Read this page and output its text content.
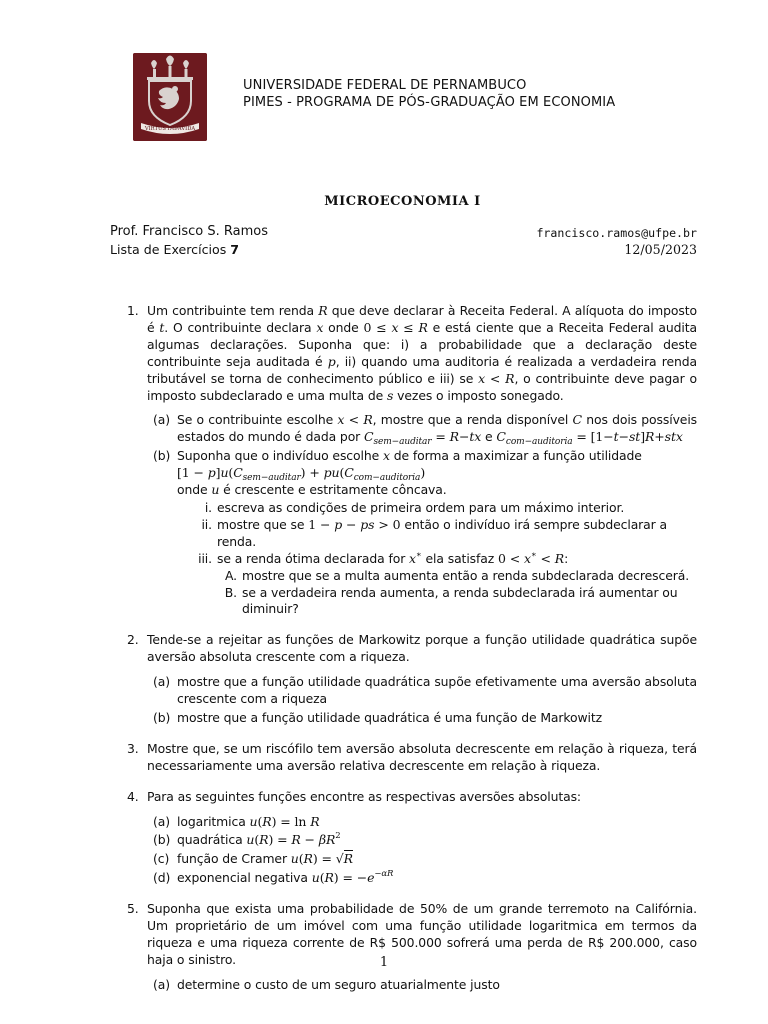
VIRTUS IMPAVIDA
UNIVERSIDADE FEDERAL DE PERNAMBUCO
PIMES - PROGRAMA DE PÓS-GRADUAÇÃO EM ECONOMIA
MICROECONOMIA I
Prof. Francisco S. Ramos	francisco.ramos@ufpe.br
Lista de Exercícios 7	12/05/2023
1. Um contribuinte tem renda R que deve declarar à Receita Federal. A alíquota do imposto é t. O contribuinte declara x onde 0 ≤ x ≤ R e está ciente que a Receita Federal audita algumas declarações. Suponha que: i) a probabilidade que a declaração deste contribuinte seja auditada é p, ii) quando uma auditoria é realizada a verdadeira renda tributável se torna de conhecimento público e iii) se x < R, o contribuinte deve pagar o imposto subdeclarado e uma multa de s vezes o imposto sonegado.
(a) Se o contribuinte escolhe x < R, mostre que a renda disponível C nos dois possíveis estados do mundo é dada por $C_{sem-auditar} = R-tx$ e $C_{com-auditoria} = [1-t-st]R+stx$
(b) Suponha que o indivíduo escolhe x de forma a maximizar a função utilidade
$[1 - p]u(C_{sem-auditar}) + pu(C_{com-auditoria})$
onde u é crescente e estritamente côncava.
i. escreva as condições de primeira ordem para um máximo interior.
ii. mostre que se 1 − p − ps > 0 então o indivíduo irá sempre subdeclarar a renda.
iii. se a renda ótima declarada for x∗ ela satisfaz 0 < x∗ < R:
A. mostre que se a multa aumenta então a renda subdeclarada decrescerá.
B. se a verdadeira renda aumenta, a renda subdeclarada irá aumentar ou diminuir?
2. Tende-se a rejeitar as funções de Markowitz porque a função utilidade quadrática supõe aversão absoluta crescente com a riqueza.
(a) mostre que a função utilidade quadrática supõe efetivamente uma aversão absoluta crescente com a riqueza
(b) mostre que a função utilidade quadrática é uma função de Markowitz
3. Mostre que, se um riscófilo tem aversão absoluta decrescente em relação à riqueza, terá necessariamente uma aversão relativa decrescente em relação à riqueza.
4. Para as seguintes funções encontre as respectivas aversões absolutas:
(a) logaritmica u(R) = ln R
(b) quadrática $u(R) = R - \beta R^2$
(c) função de Cramer u(R) = √R
(d) exponencial negativa $u(R) = -e^{-\alpha R}$
5. Suponha que exista uma probabilidade de 50% de um grande terremoto na Califórnia. Um proprietário de um imóvel com uma função utilidade logaritmica em termos da riqueza e uma riqueza corrente de R$ 500.000 sofrerá uma perda de R$ 200.000, caso haja o sinistro.
(a) determine o custo de um seguro atuarialmente justo
1
